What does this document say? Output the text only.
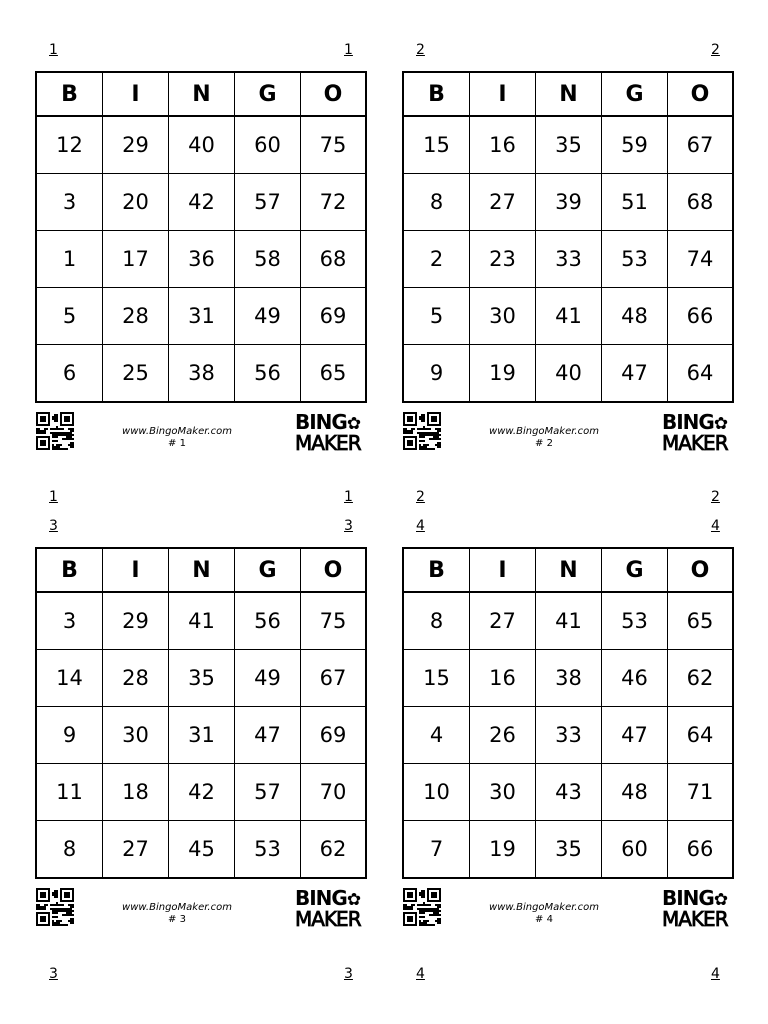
1	1	2	2
1	1	2	2
3	3	4	4
3	3	4	4
B	I	N	G	O
12	29	40	60	75
3	20	42	57	72
1	17	36	58	68
5	28	31	49	69
6	25	38	56	65
www.BingoMaker.com
# 1
BING✿
MAKER
B	I	N	G	O
15	16	35	59	67
8	27	39	51	68
2	23	33	53	74
5	30	41	48	66
9	19	40	47	64
www.BingoMaker.com
# 2
BING✿
MAKER
B	I	N	G	O
3	29	41	56	75
14	28	35	49	67
9	30	31	47	69
11	18	42	57	70
8	27	45	53	62
www.BingoMaker.com
# 3
BING✿
MAKER
B	I	N	G	O
8	27	41	53	65
15	16	38	46	62
4	26	33	47	64
10	30	43	48	71
7	19	35	60	66
www.BingoMaker.com
# 4
BING✿
MAKER
